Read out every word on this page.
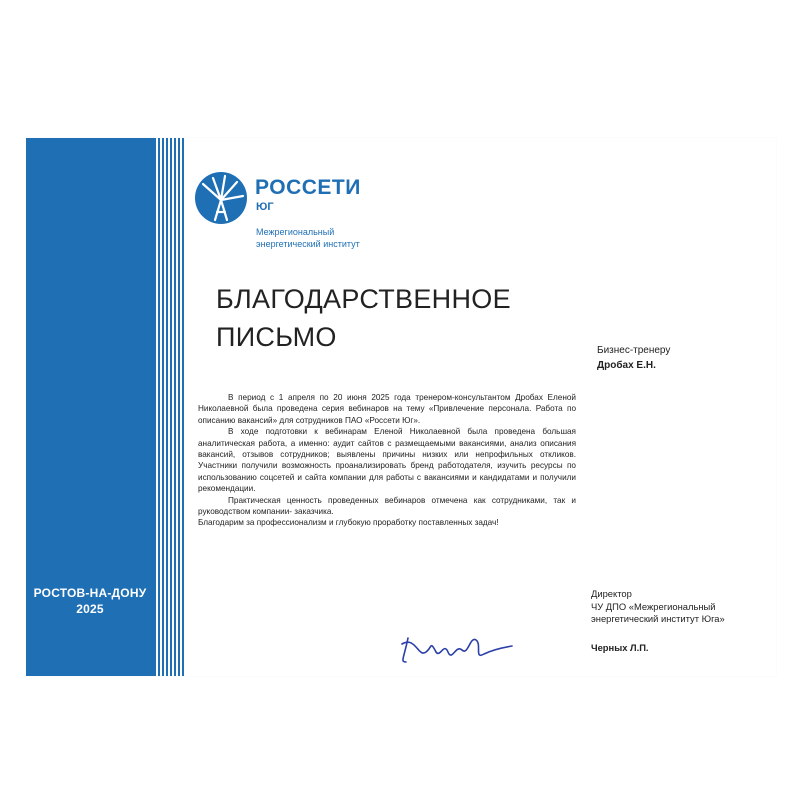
РОСТОВ-НА-ДОНУ
2025
РОССЕТИ
ЮГ
Межрегиональный
энергетический институт
БЛАГОДАРСТВЕННОЕ
ПИСЬМО	Бизнес-тренеру
Дробах Е.Н.

В период с 1 апреля по 20 июня 2025 года тренером-консультантом Дробах Еленой Николаевной была проведена серия вебинаров на тему «Привлечение персонала. Работа по описанию вакансий» для сотрудников ПАО «Россети Юг».

В ходе подготовки к вебинарам Еленой Николаевной была проведена большая аналитическая работа, а именно: аудит сайтов с размещаемыми вакансиями, анализ описания вакансий, отзывов сотрудников; выявлены причины низких или непрофильных откликов. Участники получили возможность проанализировать бренд работодателя, изучить ресурсы по использованию соцсетей и сайта компании для работы с вакансиями и кандидатами и получили рекомендации.

Практическая ценность проведенных вебинаров отмечена как сотрудниками, так и руководством компании- заказчика.

Благодарим за профессионализм и глубокую проработку поставленных задач!

Директор
ЧУ ДПО «Межрегиональный
энергетический институт Юга»
Черных Л.П.
